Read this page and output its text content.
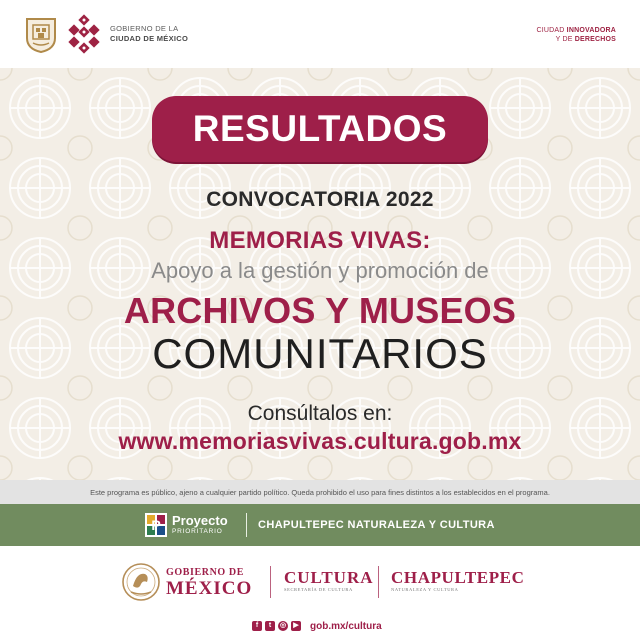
GOBIERNO DE LA
CIUDAD DE MÉXICO
CIUDAD INNOVADORA
Y DE DERECHOS
RESULTADOS
CONVOCATORIA 2022
MEMORIAS VIVAS:
Apoyo a la gestión y promoción de
ARCHIVOS Y MUSEOS
COMUNITARIOS
Consúltalos en:
www.memoriasvivas.cultura.gob.mx
Este programa es público, ajeno a cualquier partido político. Queda prohibido el uso para fines distintos a los establecidos en el programa.
P Proyecto
PRIORITARIO
CHAPULTEPEC NATURALEZA Y CULTURA
GOBIERNO DE
MÉXICO
CULTURA
SECRETARÍA DE CULTURA
CHAPULTEPEC
NATURALEZA Y CULTURA
f	t	◎	▶ gob.mx/cultura
